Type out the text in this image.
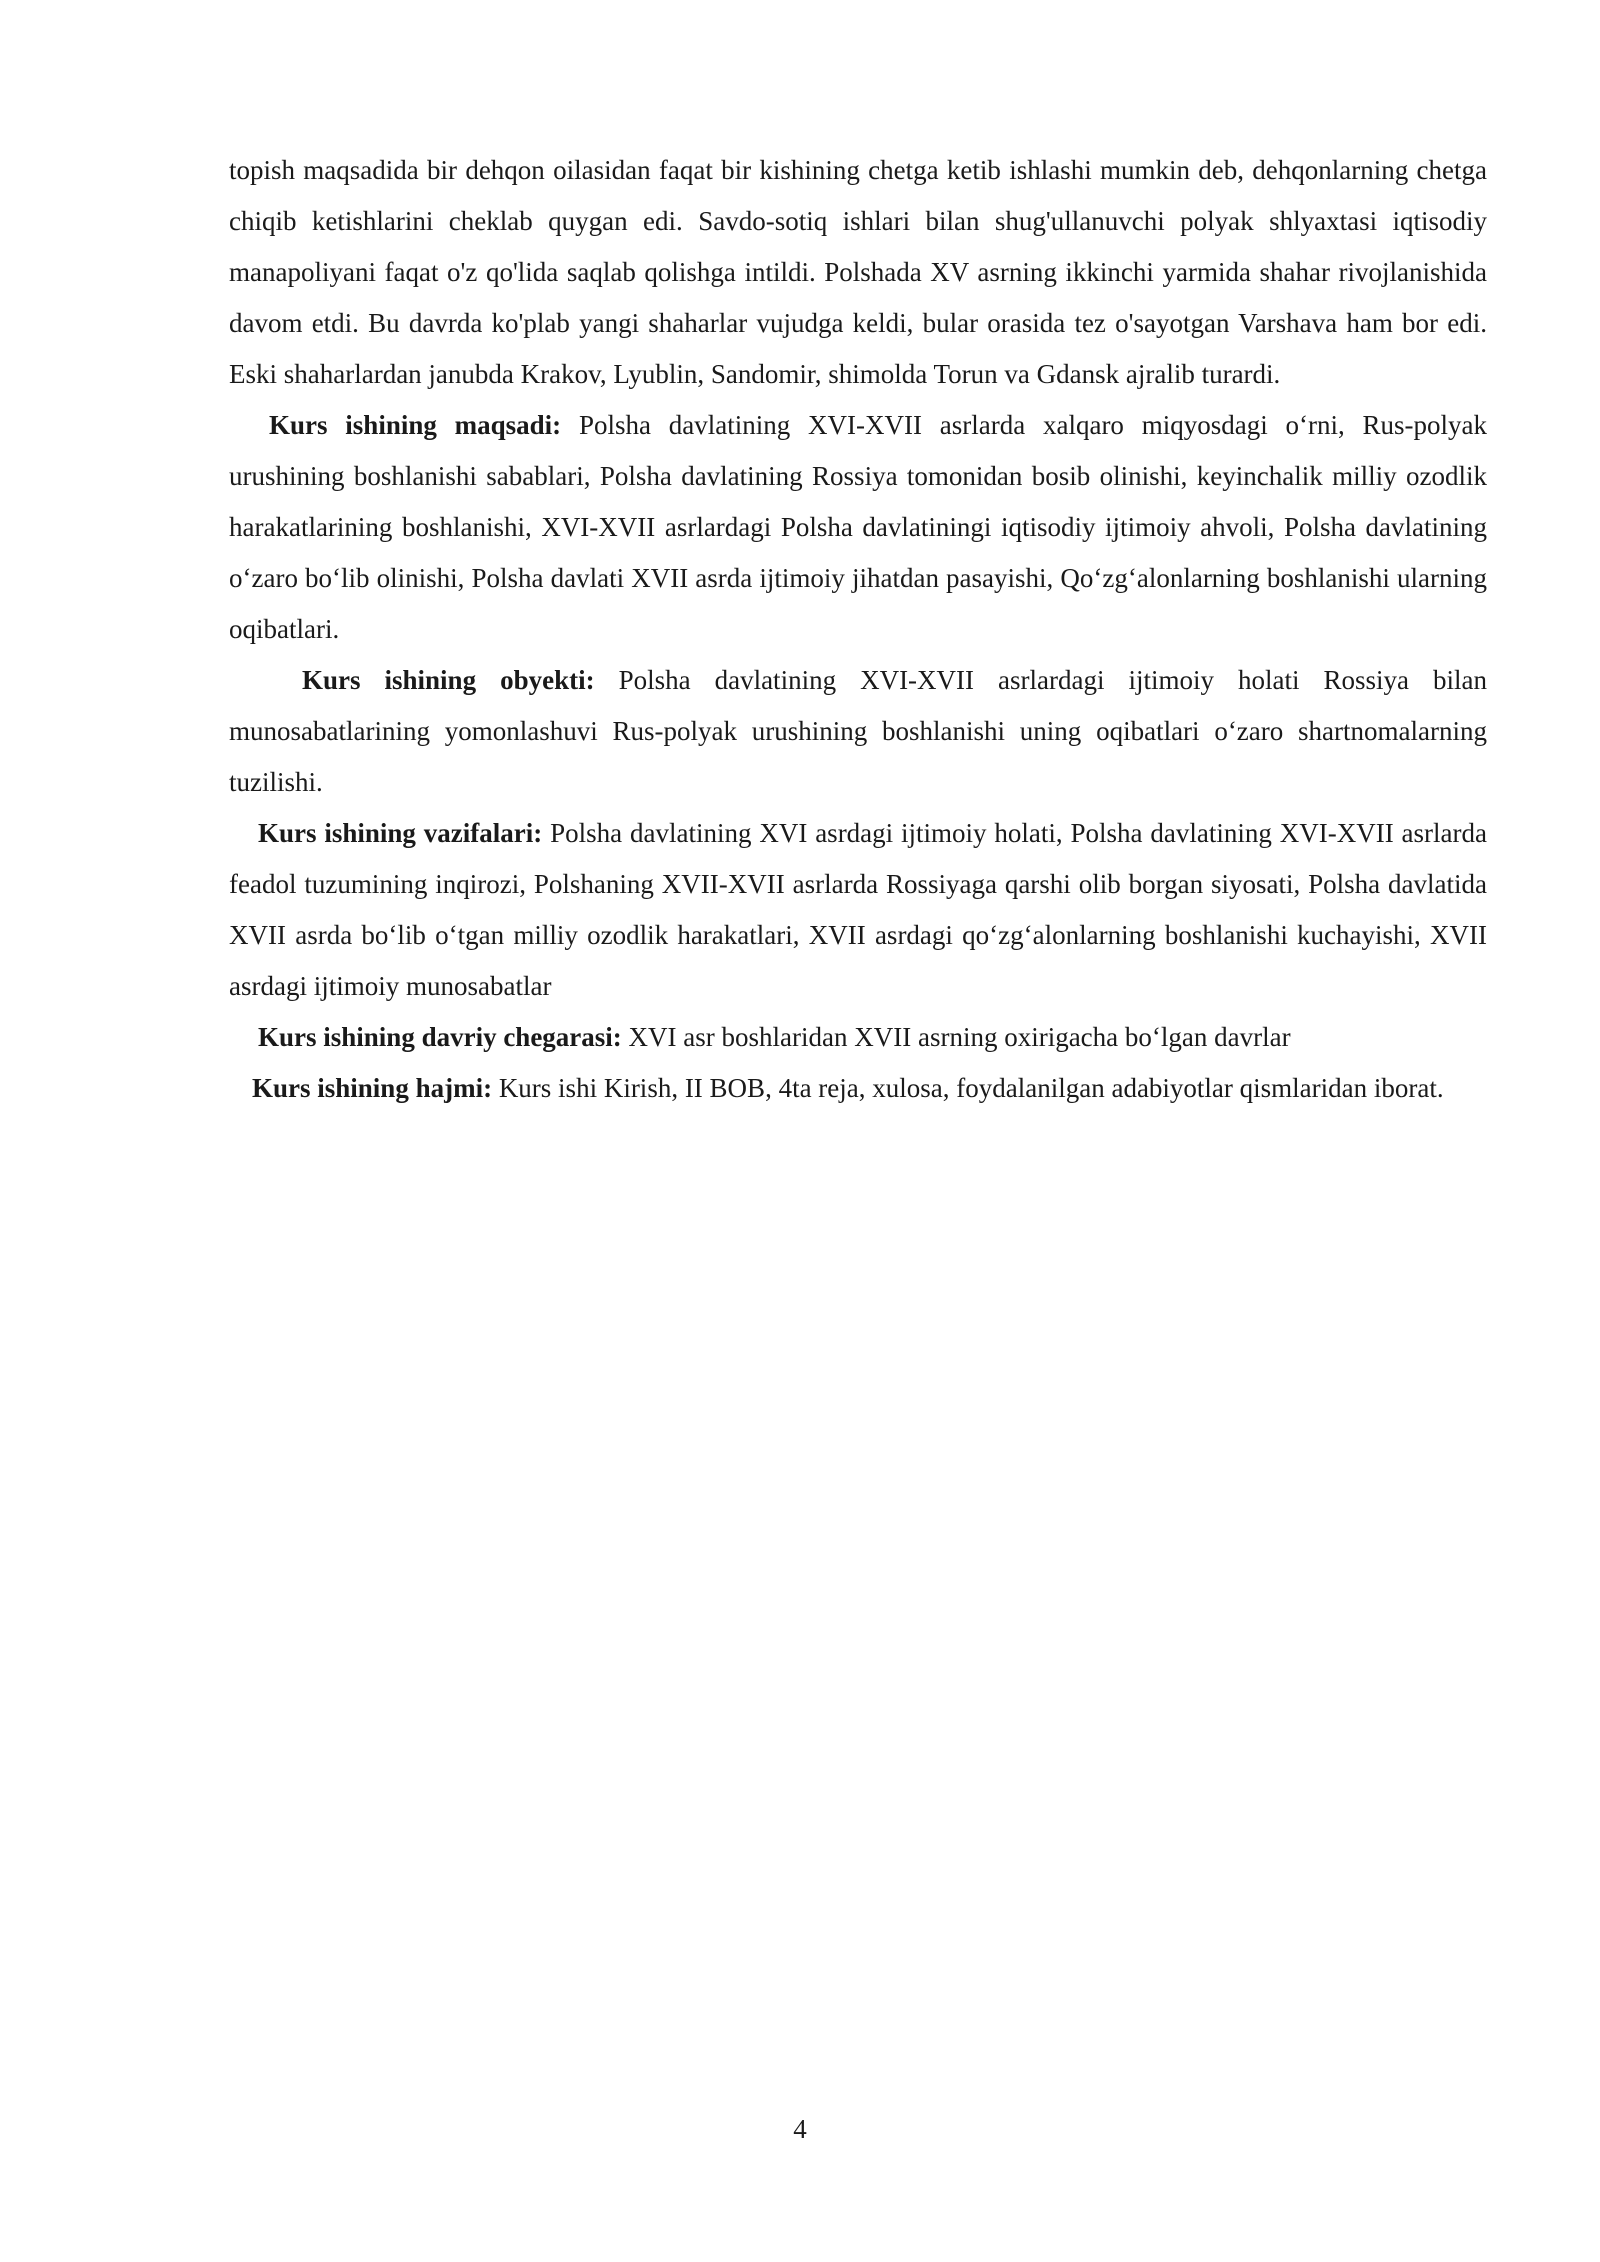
topish maqsadida bir dehqon oilasidan faqat bir kishining chetga ketib ishlashi mumkin deb, dehqonlarning chetga chiqib ketishlarini cheklab quygan edi. Savdo-sotiq ishlari bilan shug'ullanuvchi polyak shlyaxtasi iqtisodiy manapoliyani faqat o'z qo'lida saqlab qolishga intildi. Polshada XV asrning ikkinchi yarmida shahar rivojlanishida davom etdi. Bu davrda ko'plab yangi shaharlar vujudga keldi, bular orasida tez o'sayotgan Varshava ham bor edi. Eski shaharlardan janubda Krakov, Lyublin, Sandomir, shimolda Torun va Gdansk ajralib turardi.

Kurs ishining maqsadi: Polsha davlatining XVI-XVII asrlarda xalqaro miqyosdagi o‘rni, Rus-polyak urushining boshlanishi sabablari, Polsha davlatining Rossiya tomonidan bosib olinishi, keyinchalik milliy ozodlik harakatlarining boshlanishi, XVI-XVII asrlardagi Polsha davlatiningi iqtisodiy ijtimoiy ahvoli, Polsha davlatining o‘zaro bo‘lib olinishi, Polsha davlati XVII asrda ijtimoiy jihatdan pasayishi, Qo‘zg‘alonlarning boshlanishi ularning oqibatlari.

Kurs ishining obyekti: Polsha davlatining XVI-XVII asrlardagi ijtimoiy holati Rossiya bilan munosabatlarining yomonlashuvi Rus-polyak urushining boshlanishi uning oqibatlari o‘zaro shartnomalarning tuzilishi.

Kurs ishining vazifalari: Polsha davlatining XVI asrdagi ijtimoiy holati, Polsha davlatining XVI-XVII asrlarda feadol tuzumining inqirozi, Polshaning XVII-XVII asrlarda Rossiyaga qarshi olib borgan siyosati, Polsha davlatida XVII asrda bo‘lib o‘tgan milliy ozodlik harakatlari, XVII asrdagi qo‘zg‘alonlarning boshlanishi kuchayishi, XVII asrdagi ijtimoiy munosabatlar

Kurs ishining davriy chegarasi: XVI asr boshlaridan XVII asrning oxirigacha bo‘lgan davrlar

Kurs ishining hajmi: Kurs ishi Kirish, II BOB, 4ta reja, xulosa, foydalanilgan adabiyotlar qismlaridan iborat.

4
